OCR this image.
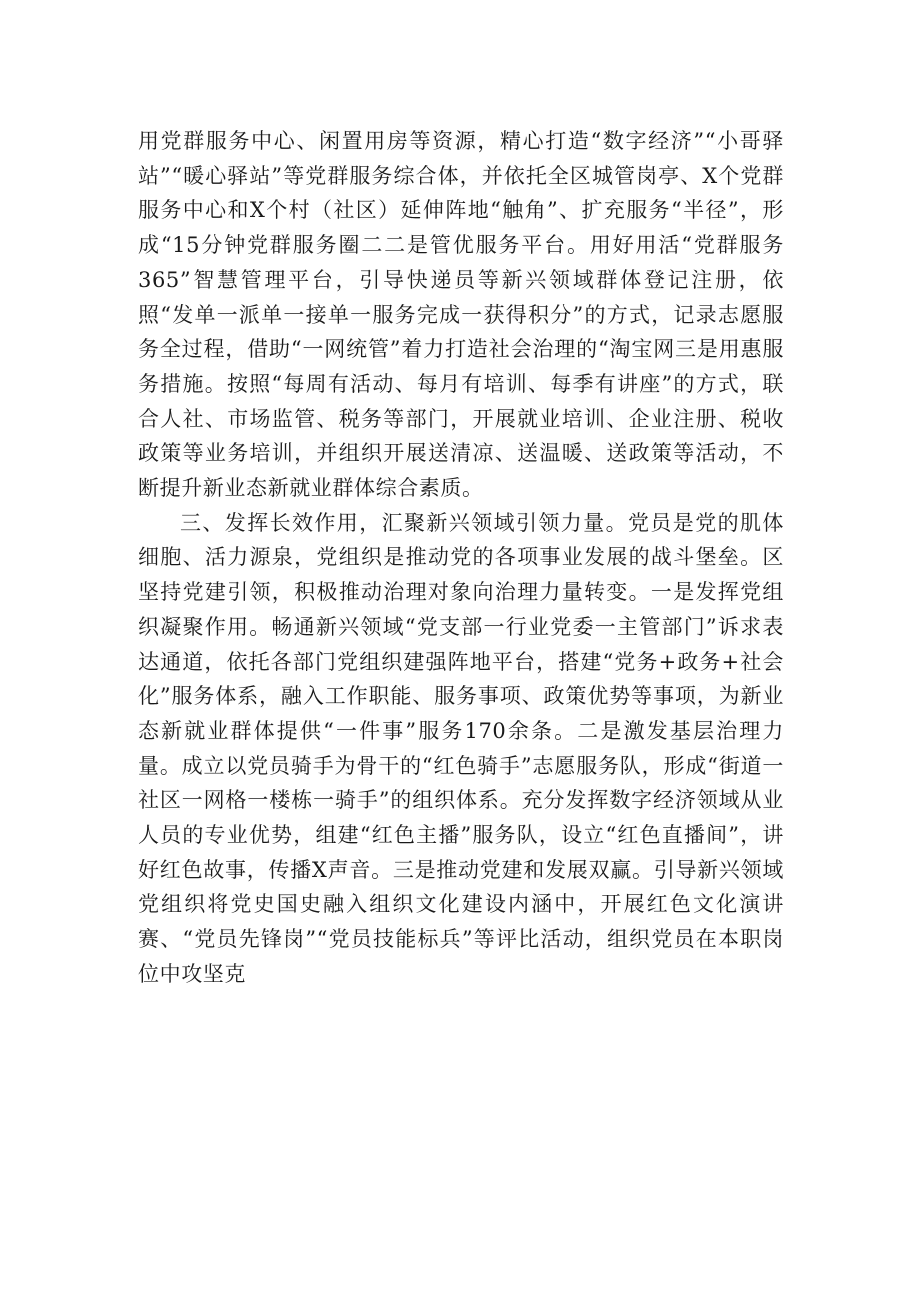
用党群服务中心、闲置用房等资源，精心打造“数字经济”“小哥驿站”“暖心驿站”等党群服务综合体，并依托全区城管岗亭、X个党群服务中心和X个村（社区）延伸阵地“触角”、扩充服务“半径”，形成“15分钟党群服务圈二二是管优服务平台。用好用活“党群服务365”智慧管理平台，引导快递员等新兴领域群体登记注册，依照“发单一派单一接单一服务完成一获得积分”的方式，记录志愿服务全过程，借助“一网统管”着力打造社会治理的“淘宝网三是用惠服务措施。按照“每周有活动、每月有培训、每季有讲座”的方式，联合人社、市场监管、税务等部门，开展就业培训、企业注册、税收政策等业务培训，并组织开展送清凉、送温暖、送政策等活动，不断提升新业态新就业群体综合素质。

三、发挥长效作用，汇聚新兴领域引领力量。党员是党的肌体细胞、活力源泉，党组织是推动党的各项事业发展的战斗堡垒。区坚持党建引领，积极推动治理对象向治理力量转变。一是发挥党组织凝聚作用。畅通新兴领域“党支部一行业党委一主管部门”诉求表达通道，依托各部门党组织建强阵地平台，搭建“党务+政务+社会化”服务体系，融入工作职能、服务事项、政策优势等事项，为新业态新就业群体提供“一件事”服务170余条。二是激发基层治理力量。成立以党员骑手为骨干的“红色骑手”志愿服务队，形成“街道一社区一网格一楼栋一骑手”的组织体系。充分发挥数字经济领域从业人员的专业优势，组建“红色主播”服务队，设立“红色直播间”，讲好红色故事，传播X声音。三是推动党建和发展双赢。引导新兴领域党组织将党史国史融入组织文化建设内涵中，开展红色文化演讲赛、“党员先锋岗”“党员技能标兵”等评比活动，组织党员在本职岗位中攻坚克
